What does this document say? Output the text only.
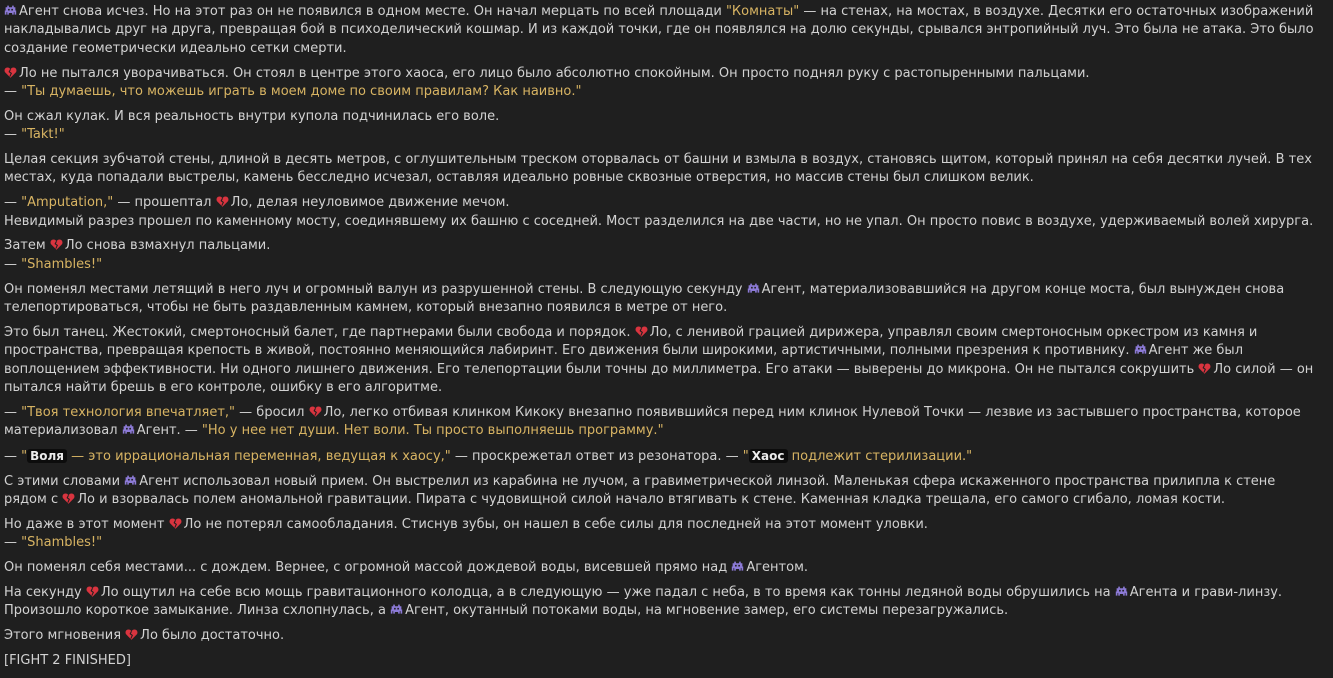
Агент снова исчез. Но на этот раз он не появился в одном месте. Он начал мерцать по всей площади "Комнаты" — на стенах, на мостах, в воздухе. Десятки его остаточных изображений накладывались друг на друга, превращая бой в психоделический кошмар. И из каждой точки, где он появлялся на долю секунды, срывался энтропийный луч. Это была не атака. Это было создание геометрически идеально сетки смерти.
Ло не пытался уворачиваться. Он стоял в центре этого хаоса, его лицо было абсолютно спокойным. Он просто поднял руку с растопыренными пальцами.
— "Ты думаешь, что можешь играть в моем доме по своим правилам? Как наивно."
Он сжал кулак. И вся реальность внутри купола подчинилась его воле.
— "Takt!"
Целая секция зубчатой стены, длиной в десять метров, с оглушительным треском оторвалась от башни и взмыла в воздух, становясь щитом, который принял на себя десятки лучей. В тех местах, куда попадали выстрелы, камень бесследно исчезал, оставляя идеально ровные сквозные отверстия, но массив стены был слишком велик.
— "Amputation," — прошептал Ло, делая неуловимое движение мечом.
Невидимый разрез прошел по каменному мосту, соединявшему их башню с соседней. Мост разделился на две части, но не упал. Он просто повис в воздухе, удерживаемый волей хирурга.
Затем Ло снова взмахнул пальцами.
— "Shambles!"
Он поменял местами летящий в него луч и огромный валун из разрушенной стены. В следующую секунду Агент, материализовавшийся на другом конце моста, был вынужден снова телепортироваться, чтобы не быть раздавленным камнем, который внезапно появился в метре от него.
Это был танец. Жестокий, смертоносный балет, где партнерами были свобода и порядок. Ло, с ленивой грацией дирижера, управлял своим смертоносным оркестром из камня и пространства, превращая крепость в живой, постоянно меняющийся лабиринт. Его движения были широкими, артистичными, полными презрения к противнику. Агент же был воплощением эффективности. Ни одного лишнего движения. Его телепортации были точны до миллиметра. Его атаки — выверены до микрона. Он не пытался сокрушить Ло силой — он пытался найти брешь в его контроле, ошибку в его алгоритме.
— "Твоя технология впечатляет," — бросил Ло, легко отбивая клинком Кикоку внезапно появившийся перед ним клинок Нулевой Точки — лезвие из застывшего пространства, которое материализовал Агент. — "Но у нее нет души. Нет воли. Ты просто выполняешь программу."
— " Воля — это иррациональная переменная, ведущая к хаосу," — проскрежетал ответ из резонатора. — " Хаос подлежит стерилизации."
С этими словами Агент использовал новый прием. Он выстрелил из карабина не лучом, а гравиметрической линзой. Маленькая сфера искаженного пространства прилипла к стене рядом с Ло и взорвалась полем аномальной гравитации. Пирата с чудовищной силой начало втягивать к стене. Каменная кладка трещала, его самого сгибало, ломая кости.
Но даже в этот момент Ло не потерял самообладания. Стиснув зубы, он нашел в себе силы для последней на этот момент уловки.
— "Shambles!"
Он поменял себя местами... с дождем. Вернее, с огромной массой дождевой воды, висевшей прямо над Агентом.
На секунду Ло ощутил на себе всю мощь гравитационного колодца, а в следующую — уже падал с неба, в то время как тонны ледяной воды обрушились на Агента и грави-линзу. Произошло короткое замыкание. Линза схлопнулась, а Агент, окутанный потоками воды, на мгновение замер, его системы перезагружались.
Этого мгновения Ло было достаточно.
[FIGHT 2 FINISHED]
